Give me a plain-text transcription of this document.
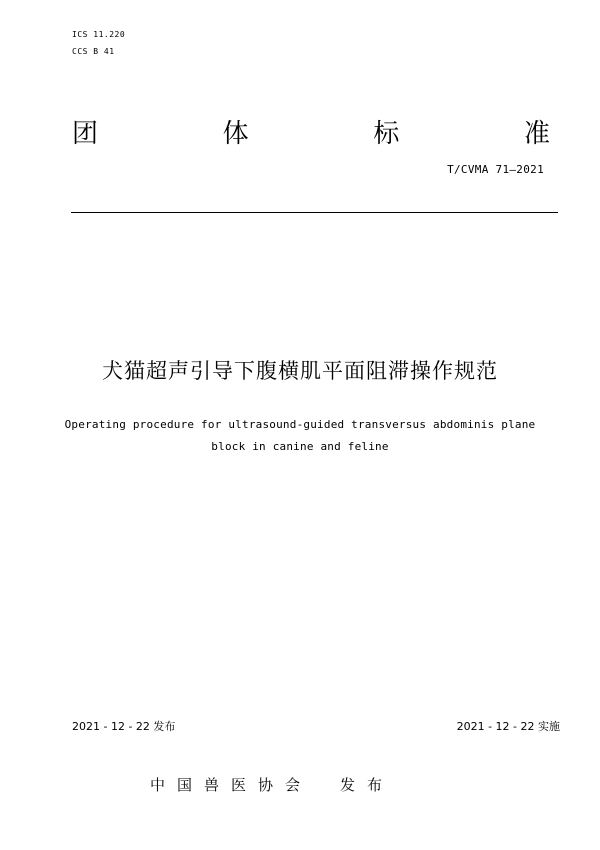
ICS 11.220
CCS B 41
团	体	标	准
T/CVMA 71—2021
犬猫超声引导下腹横肌平面阻滞操作规范
Operating procedure for ultrasound-guided transversus abdominis plane
block in canine and feline
2021 - 12 - 22 发布	2021 - 12 - 22 实施
中国兽医协会 发布
